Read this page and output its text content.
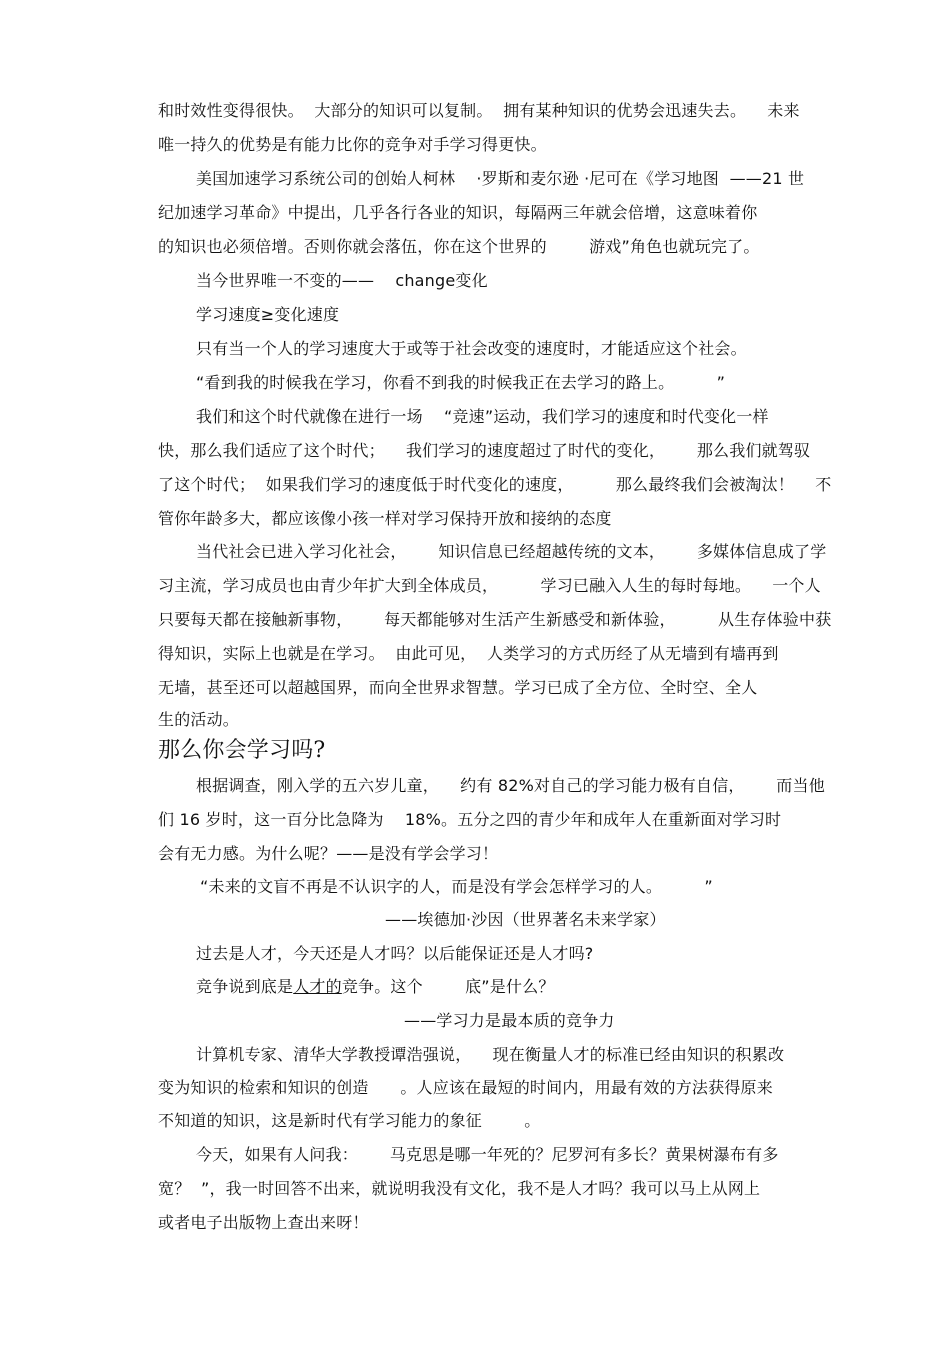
和时效性变得很快。  大部分的知识可以复制。  拥有某种知识的优势会迅速失去。    未来
唯一持久的优势是有能力比你的竞争对手学习得更快。
美国加速学习系统公司的创始人柯林    ·罗斯和麦尔逊 ·尼可在《学习地图  ——21 世
纪加速学习革命》中提出，几乎各行各业的知识，每隔两三年就会倍增，这意味着你
的知识也必须倍增。否则你就会落伍，你在这个世界的        游戏”角色也就玩完了。
当今世界唯一不变的——    change变化
学习速度≥变化速度
只有当一个人的学习速度大于或等于社会改变的速度时，才能适应这个社会。
“看到我的时候我在学习，你看不到我的时候我正在去学习的路上。        ”
我们和这个时代就像在进行一场    “竞速”运动，我们学习的速度和时代变化一样
快，那么我们适应了这个时代；    我们学习的速度超过了时代的变化，      那么我们就驾驭
了这个时代；  如果我们学习的速度低于时代变化的速度，        那么最终我们会被淘汰！    不
管你年龄多大，都应该像小孩一样对学习保持开放和接纳的态度
当代社会已进入学习化社会，      知识信息已经超越传统的文本，      多媒体信息成了学
习主流，学习成员也由青少年扩大到全体成员，        学习已融入人生的每时每地。    一个人
只要每天都在接触新事物，      每天都能够对生活产生新感受和新体验，        从生存体验中获
得知识，实际上也就是在学习。  由此可见，  人类学习的方式历经了从无墙到有墙再到
无墙，甚至还可以超越国界，而向全世界求智慧。学习已成了全方位、全时空、全人
生的活动。
那么你会学习吗?
根据调查，刚入学的五六岁儿童，    约有 82%对自己的学习能力极有自信，      而当他
们 16 岁时，这一百分比急降为    18%。五分之四的青少年和成年人在重新面对学习时
会有无力感。为什么呢？——是没有学会学习！
“未来的文盲不再是不认识字的人，而是没有学会怎样学习的人。        ”
——埃德加·沙因（世界著名未来学家）
过去是人才，今天还是人才吗？以后能保证还是人才吗?
竞争说到底是人才的竞争。这个        底”是什么？
——学习力是最本质的竞争力
计算机专家、清华大学教授谭浩强说，    现在衡量人才的标准已经由知识的积累改
变为知识的检索和知识的创造      。人应该在最短的时间内，用最有效的方法获得原来
不知道的知识，这是新时代有学习能力的象征        。
今天，如果有人问我：      马克思是哪一年死的？尼罗河有多长？黄果树瀑布有多
宽？  ”，我一时回答不出来，就说明我没有文化，我不是人才吗？我可以马上从网上
或者电子出版物上查出来呀！
